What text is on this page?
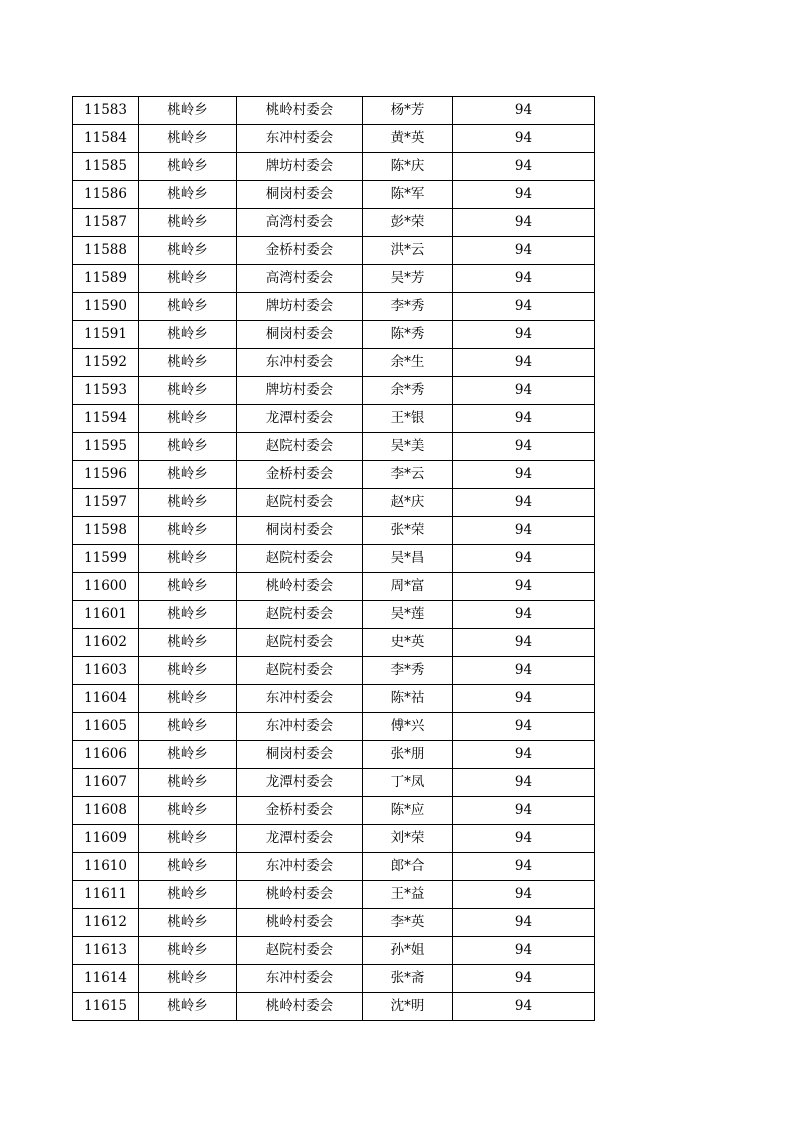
11583	桃岭乡	桃岭村委会	杨*芳	94
11584	桃岭乡	东冲村委会	黄*英	94
11585	桃岭乡	牌坊村委会	陈*庆	94
11586	桃岭乡	桐岗村委会	陈*军	94
11587	桃岭乡	高湾村委会	彭*荣	94
11588	桃岭乡	金桥村委会	洪*云	94
11589	桃岭乡	高湾村委会	吴*芳	94
11590	桃岭乡	牌坊村委会	李*秀	94
11591	桃岭乡	桐岗村委会	陈*秀	94
11592	桃岭乡	东冲村委会	余*生	94
11593	桃岭乡	牌坊村委会	余*秀	94
11594	桃岭乡	龙潭村委会	王*银	94
11595	桃岭乡	赵院村委会	吴*美	94
11596	桃岭乡	金桥村委会	李*云	94
11597	桃岭乡	赵院村委会	赵*庆	94
11598	桃岭乡	桐岗村委会	张*荣	94
11599	桃岭乡	赵院村委会	吴*昌	94
11600	桃岭乡	桃岭村委会	周*富	94
11601	桃岭乡	赵院村委会	吴*莲	94
11602	桃岭乡	赵院村委会	史*英	94
11603	桃岭乡	赵院村委会	李*秀	94
11604	桃岭乡	东冲村委会	陈*祜	94
11605	桃岭乡	东冲村委会	傅*兴	94
11606	桃岭乡	桐岗村委会	张*朋	94
11607	桃岭乡	龙潭村委会	丁*凤	94
11608	桃岭乡	金桥村委会	陈*应	94
11609	桃岭乡	龙潭村委会	刘*荣	94
11610	桃岭乡	东冲村委会	郎*合	94
11611	桃岭乡	桃岭村委会	王*益	94
11612	桃岭乡	桃岭村委会	李*英	94
11613	桃岭乡	赵院村委会	孙*姐	94
11614	桃岭乡	东冲村委会	张*斋	94
11615	桃岭乡	桃岭村委会	沈*明	94
